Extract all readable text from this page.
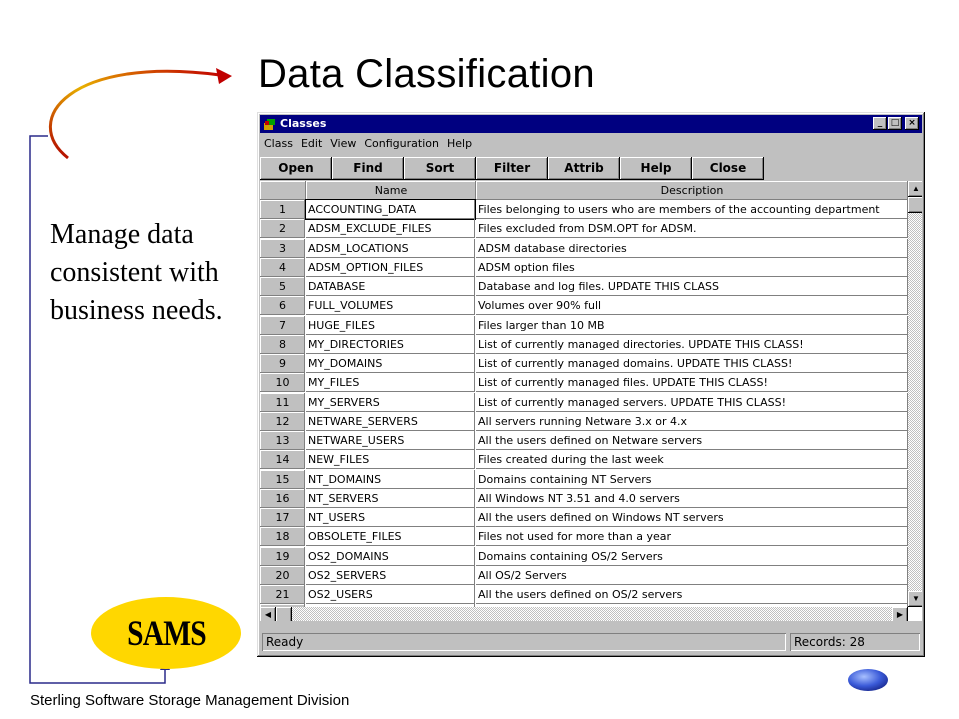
Data Classification
Manage data consistent with business needs.
SAMS
Sterling Software Storage Management Division
Classes	_ □ ×
Class Edit View Configuration Help
Open	Find	Sort	Filter	Attrib	Help	Close
Name	Description
1	ACCOUNTING_DATA	Files belonging to users who are members of the accounting department
2	ADSM_EXCLUDE_FILES	Files excluded from DSM.OPT for ADSM.
3	ADSM_LOCATIONS	ADSM database directories
4	ADSM_OPTION_FILES	ADSM option files
5	DATABASE	Database and log files. UPDATE THIS CLASS
6	FULL_VOLUMES	Volumes over 90% full
7	HUGE_FILES	Files larger than 10 MB
8	MY_DIRECTORIES	List of currently managed directories. UPDATE THIS CLASS!
9	MY_DOMAINS	List of currently managed domains. UPDATE THIS CLASS!
10	MY_FILES	List of currently managed files. UPDATE THIS CLASS!
11	MY_SERVERS	List of currently managed servers. UPDATE THIS CLASS!
12	NETWARE_SERVERS	All servers running Netware 3.x or 4.x
13	NETWARE_USERS	All the users defined on Netware servers
14	NEW_FILES	Files created during the last week
15	NT_DOMAINS	Domains containing NT Servers
16	NT_SERVERS	All Windows NT 3.51 and 4.0 servers
17	NT_USERS	All the users defined on Windows NT servers
18	OBSOLETE_FILES	Files not used for more than a year
19	OS2_DOMAINS	Domains containing OS/2 Servers
20	OS2_SERVERS	All OS/2 Servers
21	OS2_USERS	All the users defined on OS/2 servers
▲
▼
◀	▶
Ready	Records: 28
